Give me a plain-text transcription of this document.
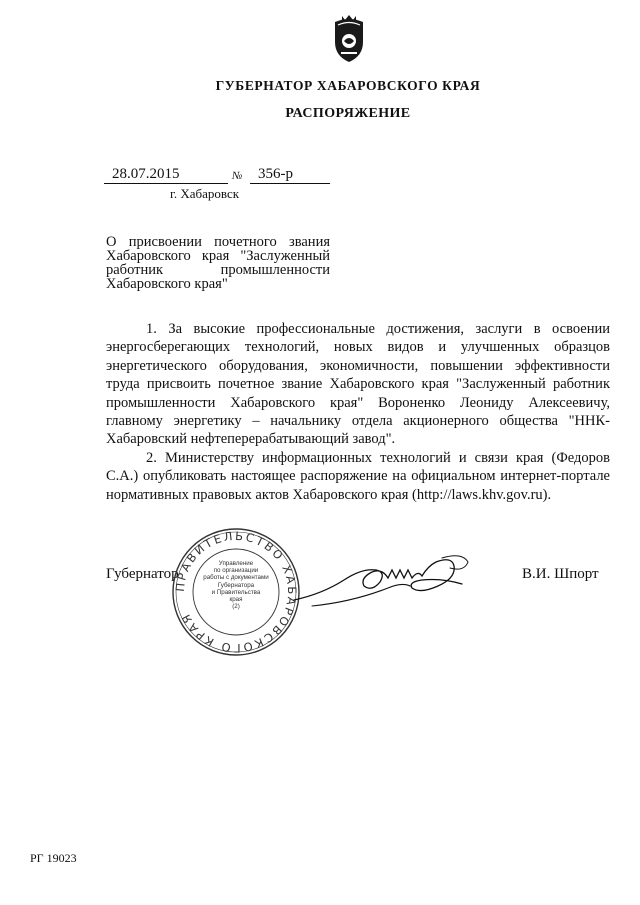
ГУБЕРНАТОР ХАБАРОВСКОГО КРАЯ
РАСПОРЯЖЕНИЕ
28.07.2015	№ 356-р
г. Хабаровск
О присвоении почетного звания Хабаровского края "Заслуженный работник промышленности Хабаровского края"

1. За высокие профессиональные достижения, заслуги в освоении энергосберегающих технологий, новых видов и улучшенных образцов энергетического оборудования, экономичности, повышении эффективности труда присвоить почетное звание Хабаровского края "Заслуженный работник промышленности Хабаровского края" Вороненко Леониду Алексеевичу, главному энергетику – начальнику отдела акционерного общества "ННК-Хабаровский нефтеперерабатывающий завод".

2. Министерству информационных технологий и связи края (Федоров С.А.) опубликовать настоящее распоряжение на официальном интернет-портале нормативных правовых актов Хабаровского края (http://laws.khv.gov.ru).

Губернатор	В.И. Шпорт
ПРАВИТЕЛЬСТВО ХАБАРОВСКОГО КРАЯ
Управление
по организации
работы с документами
Губернатора
и Правительства
края
(2)
РГ 19023
